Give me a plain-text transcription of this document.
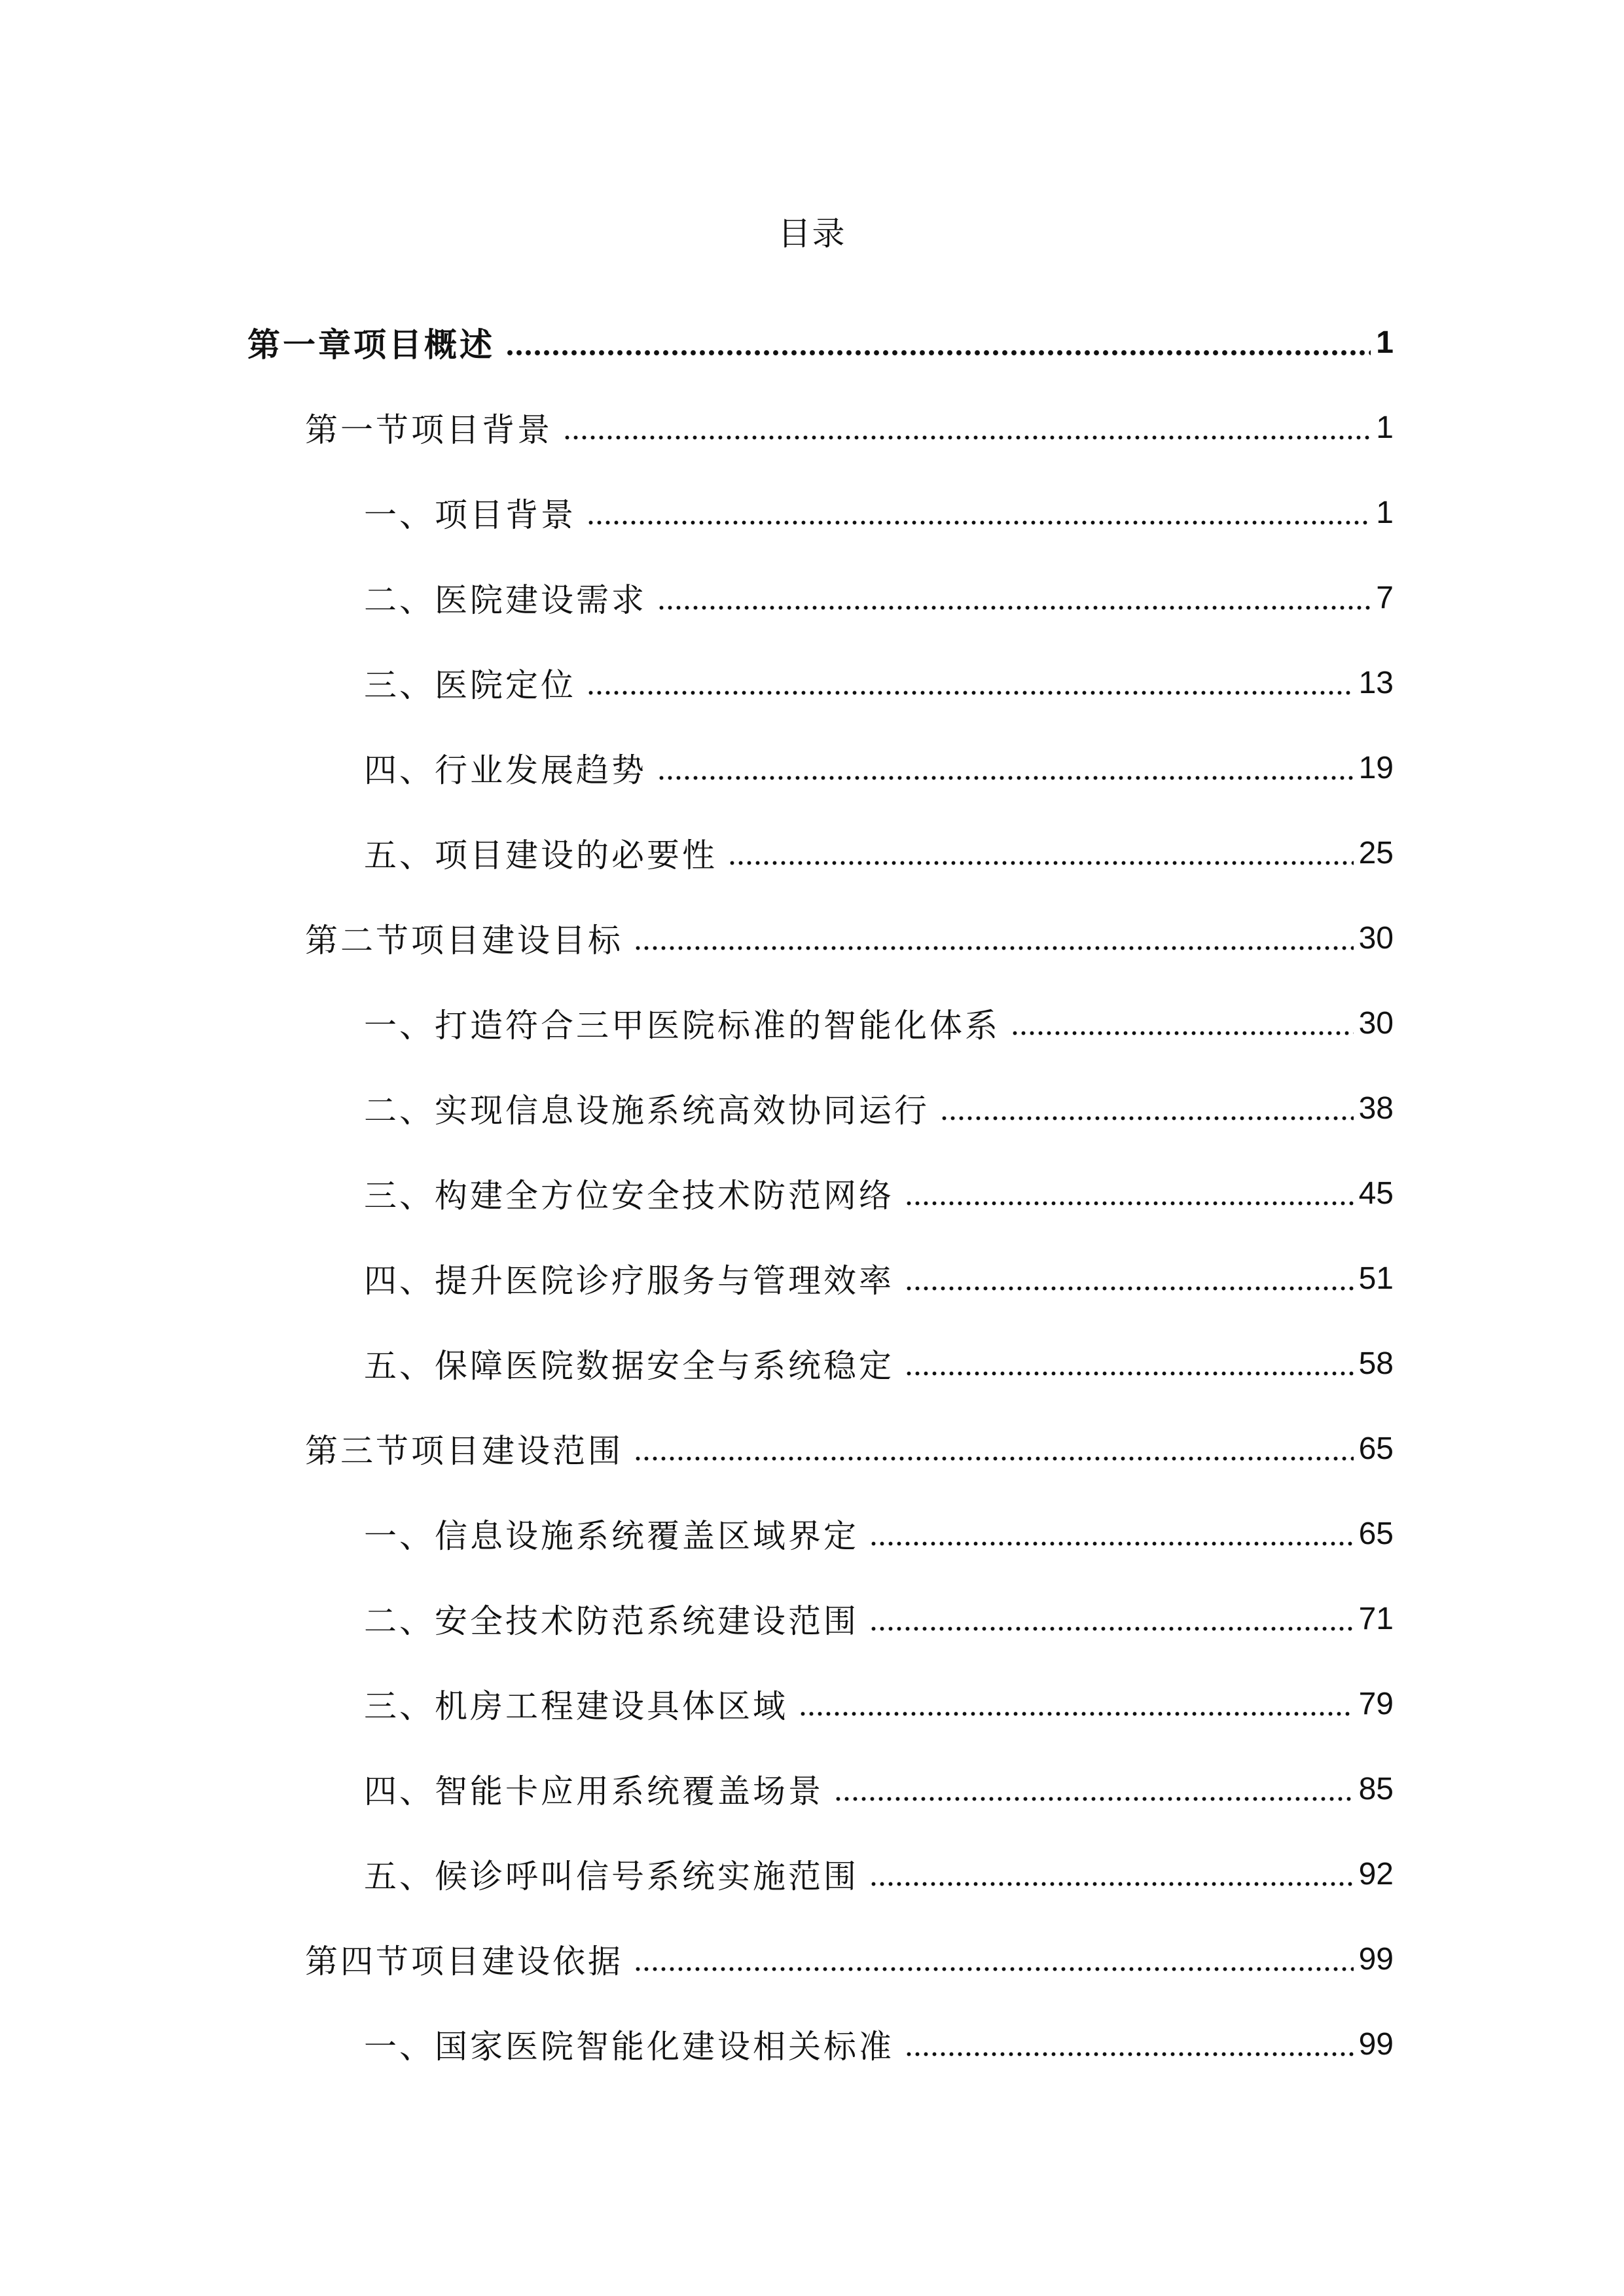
目录
第一章项目概述	1
第一节项目背景	1
一、项目背景	1
二、医院建设需求	7
三、医院定位	13
四、行业发展趋势	19
五、项目建设的必要性	25
第二节项目建设目标	30
一、打造符合三甲医院标准的智能化体系	30
二、实现信息设施系统高效协同运行	38
三、构建全方位安全技术防范网络	45
四、提升医院诊疗服务与管理效率	51
五、保障医院数据安全与系统稳定	58
第三节项目建设范围	65
一、信息设施系统覆盖区域界定	65
二、安全技术防范系统建设范围	71
三、机房工程建设具体区域	79
四、智能卡应用系统覆盖场景	85
五、候诊呼叫信号系统实施范围	92
第四节项目建设依据	99
一、国家医院智能化建设相关标准	99
